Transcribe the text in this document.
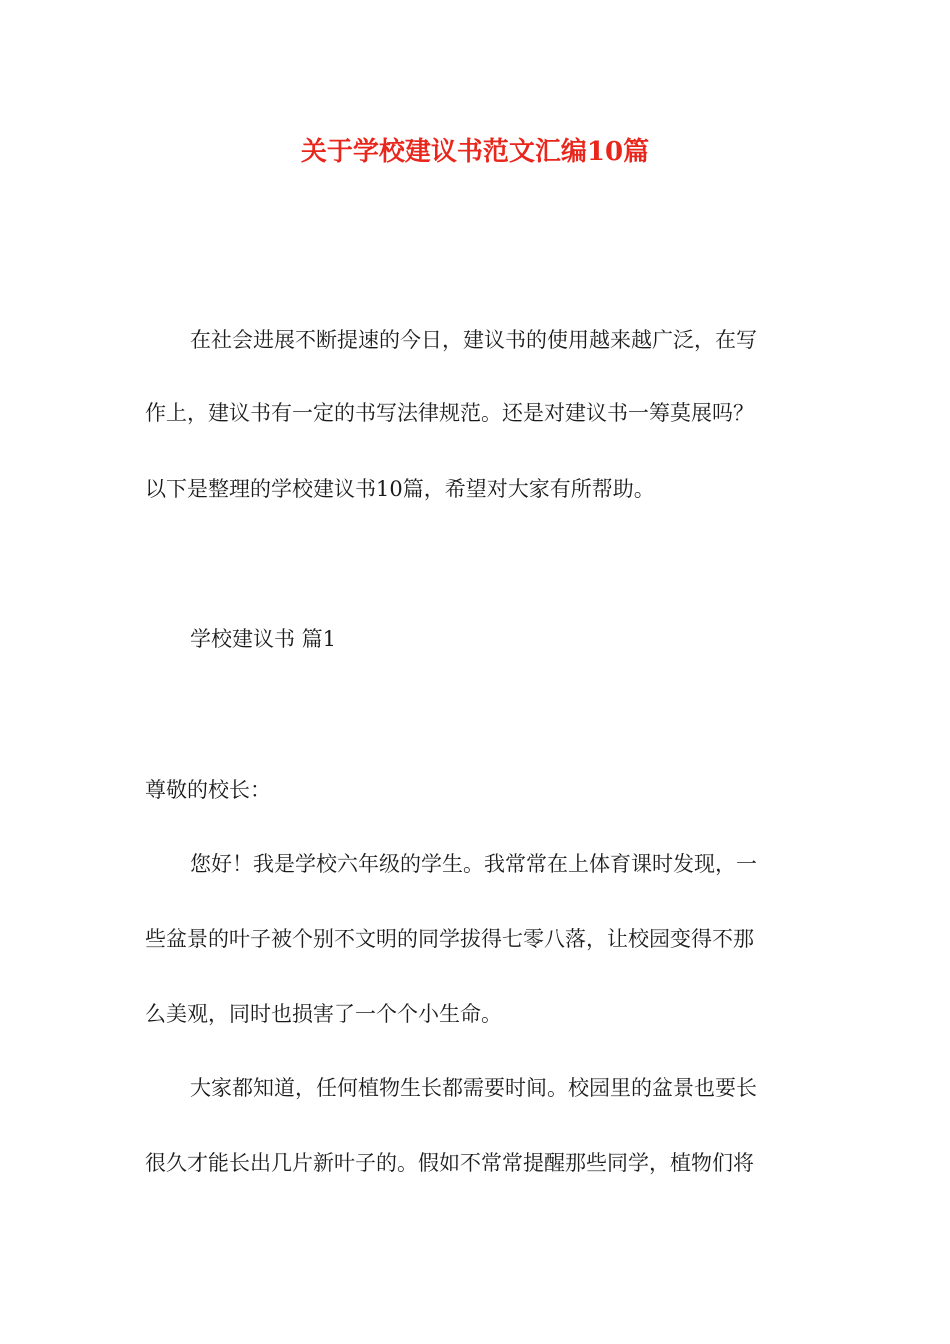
关于学校建议书范文汇编10篇

在社会进展不断提速的今日，建议书的使用越来越广泛，在写

作上，建议书有一定的书写法律规范。还是对建议书一筹莫展吗？

以下是整理的学校建议书10篇，希望对大家有所帮助。

学校建议书 篇1

尊敬的校长：

您好！我是学校六年级的学生。我常常在上体育课时发现，一

些盆景的叶子被个别不文明的同学拔得七零八落，让校园变得不那

么美观，同时也损害了一个个小生命。

大家都知道，任何植物生长都需要时间。校园里的盆景也要长

很久才能长出几片新叶子的。假如不常常提醒那些同学，植物们将
